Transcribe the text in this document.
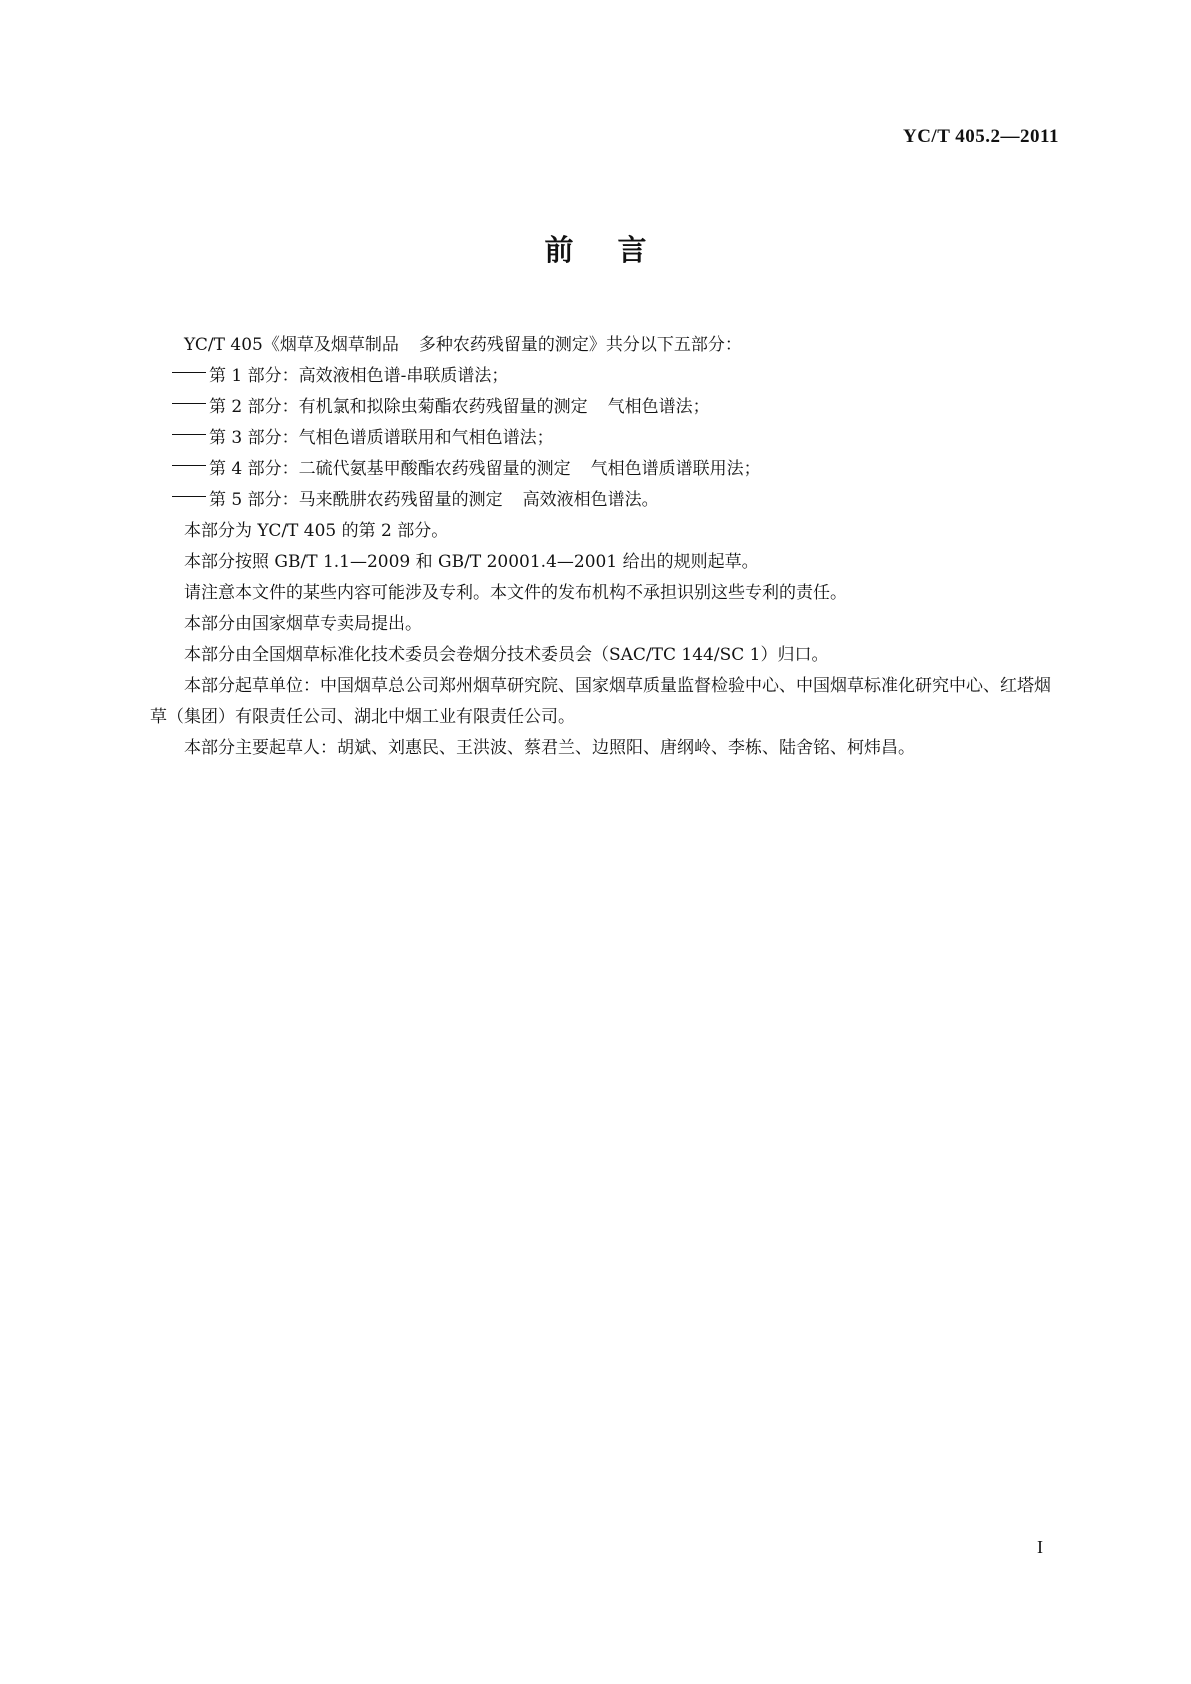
YC/T 405.2—2011
前言

YC/T 405《烟草及烟草制品 多种农药残留量的测定》共分以下五部分：

第 1 部分：高效液相色谱-串联质谱法；

第 2 部分：有机氯和拟除虫菊酯农药残留量的测定 气相色谱法；

第 3 部分：气相色谱质谱联用和气相色谱法；

第 4 部分：二硫代氨基甲酸酯农药残留量的测定 气相色谱质谱联用法；

第 5 部分：马来酰肼农药残留量的测定 高效液相色谱法。

本部分为 YC/T 405 的第 2 部分。

本部分按照 GB/T 1.1—2009 和 GB/T 20001.4—2001 给出的规则起草。

请注意本文件的某些内容可能涉及专利。本文件的发布机构不承担识别这些专利的责任。

本部分由国家烟草专卖局提出。

本部分由全国烟草标准化技术委员会卷烟分技术委员会（SAC/TC 144/SC 1）归口。

本部分起草单位：中国烟草总公司郑州烟草研究院、国家烟草质量监督检验中心、中国烟草标准化研究中心、红塔烟草（集团）有限责任公司、湖北中烟工业有限责任公司。

本部分主要起草人：胡斌、刘惠民、王洪波、蔡君兰、边照阳、唐纲岭、李栋、陆舍铭、柯炜昌。

I
